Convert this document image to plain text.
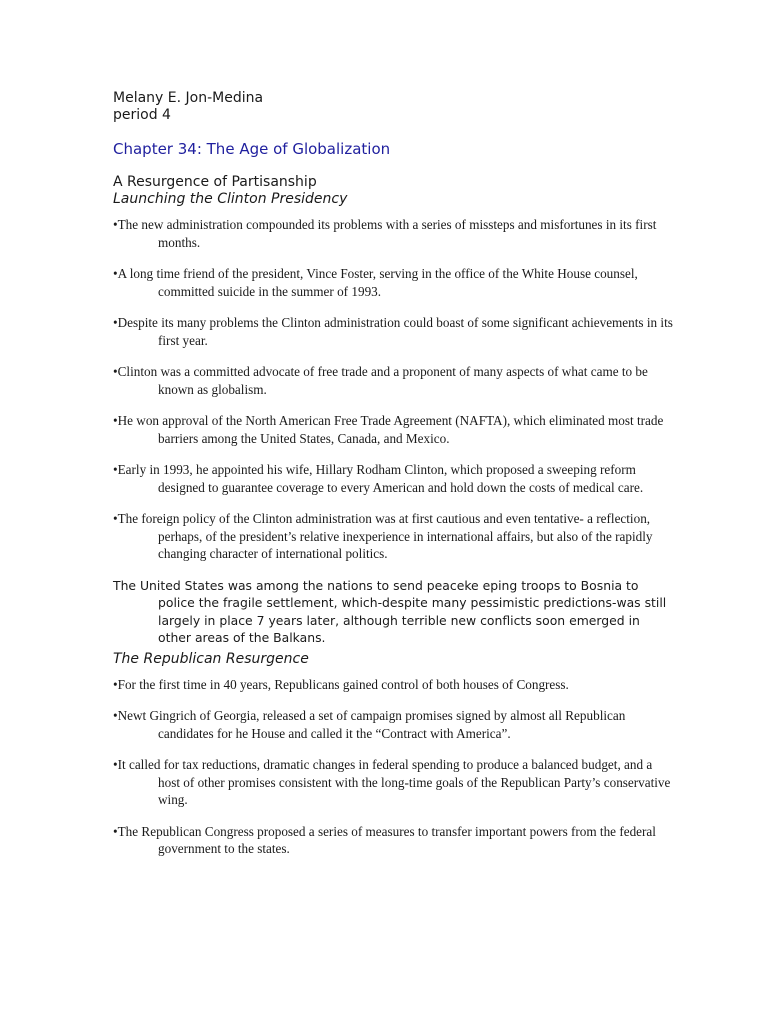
Melany E. Jon-Medina

period 4

Chapter 34: The Age of Globalization
A Resurgence of Partisanship
Launching the Clinton Presidency

•The new administration compounded its problems with a series of missteps and misfortunes in its first months.

•A long time friend of the president, Vince Foster, serving in the office of the White House counsel, committed suicide in the summer of 1993.

•Despite its many problems the Clinton administration could boast of some significant achievements in its first year.

•Clinton was a committed advocate of free trade and a proponent of many aspects of what came to be known as globalism.

•He won approval of the North American Free Trade Agreement (NAFTA), which eliminated most trade barriers among the United States, Canada, and Mexico.

•Early in 1993, he appointed his wife, Hillary Rodham Clinton, which proposed a sweeping reform designed to guarantee coverage to every American and hold down the costs of medical care.

•The foreign policy of the Clinton administration was at first cautious and even tentative- a reflection, perhaps, of the president’s relative inexperience in international affairs, but also of the rapidly changing character of international politics.

The United States was among the nations to send peaceke eping troops to Bosnia to police the fragile settlement, which-despite many pessimistic predictions-was still largely in place 7 years later, although terrible new conflicts soon emerged in other areas of the Balkans.

The Republican Resurgence

•For the first time in 40 years, Republicans gained control of both houses of Congress.

•Newt Gingrich of Georgia, released a set of campaign promises signed by almost all Republican candidates for he House and called it the “Contract with America”.

•It called for tax reductions, dramatic changes in federal spending to produce a balanced budget, and a host of other promises consistent with the long-time goals of the Republican Party’s conservative wing.

•The Republican Congress proposed a series of measures to transfer important powers from the federal government to the states.
